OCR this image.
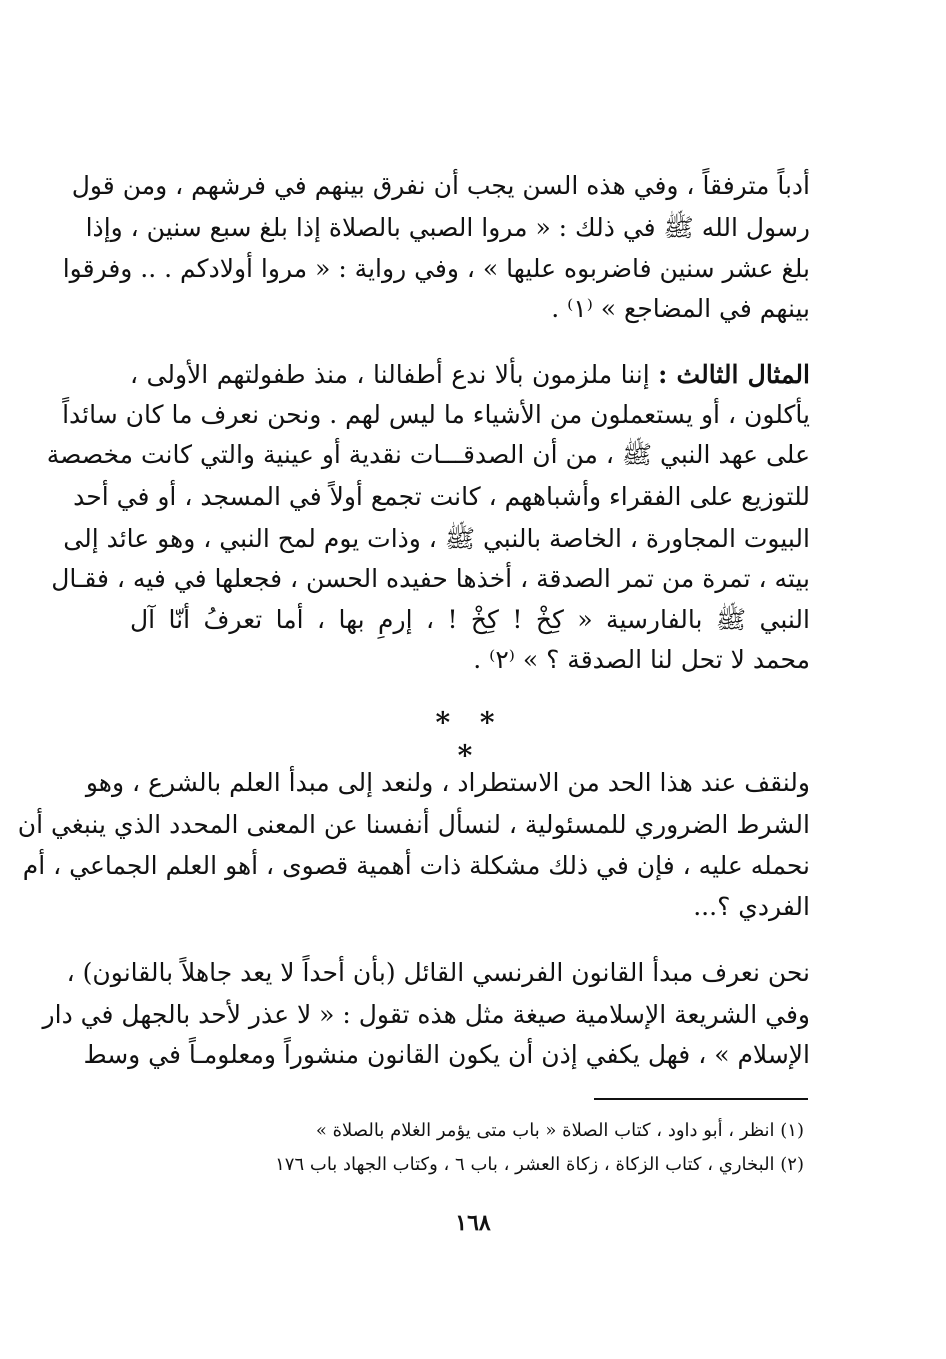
أدباً مترفقاً ، وفي هذه السن يجب أن نفرق بينهم في فرشهم ، ومن قول
رسول الله ﷺ في ذلك : « مروا الصبي بالصلاة إذا بلغ سبع سنين ، وإذا
بلغ عشر سنين فاضربوه عليها » ، وفي رواية : « مروا أولادكم . .. وفرقوا
بينهم في المضاجع » ⁽١⁾ .
المثال الثالث : إننا ملزمون بألا ندع أطفالنا ، منذ طفولتهم الأولى ،
يأكلون ، أو يستعملون من الأشياء ما ليس لهم . ونحن نعرف ما كان سائداً
على عهد النبي ﷺ ، من أن الصدقـــات نقدية أو عينية والتي كانت مخصصة
للتوزيع على الفقراء وأشباههم ، كانت تجمع أولاً في المسجد ، أو في أحد
البيوت المجاورة ، الخاصة بالنبي ﷺ ، وذات يوم لمح النبي ، وهو عائد إلى
بيته ، تمرة من تمر الصدقة ، أخذها حفيده الحسن ، فجعلها في فيه ، فقـال
النبي ﷺ بالفارسية « كِخْ ! كِخْ ! ، إرمِ بها ، أما تعرفُ أنّا آل
محمد لا تحل لنا الصدقة ؟ » ⁽٢⁾ .
* * *
ولنقف عند هذا الحد من الاستطراد ، ولنعد إلى مبدأ العلم بالشرع ، وهو
الشرط الضروري للمسئولية ، لنسأل أنفسنا عن المعنى المحدد الذي ينبغي أن
نحمله عليه ، فإن في ذلك مشكلة ذات أهمية قصوى ، أهو العلم الجماعي ، أم
الفردي ؟...
نحن نعرف مبدأ القانون الفرنسي القائل (بأن أحداً لا يعد جاهلاً بالقانون) ،
وفي الشريعة الإسلامية صيغة مثل هذه تقول : « لا عذر لأحد بالجهل في دار
الإسلام » ، فهل يكفي إذن أن يكون القانون منشوراً ومعلومـاً في وسط
(١) انظر ، أبو داود ، كتاب الصلاة « باب متى يؤمر الغلام بالصلاة »
(٢) البخاري ، كتاب الزكاة ، زكاة العشر ، باب ٦ ، وكتاب الجهاد باب ١٧٦
١٦٨
